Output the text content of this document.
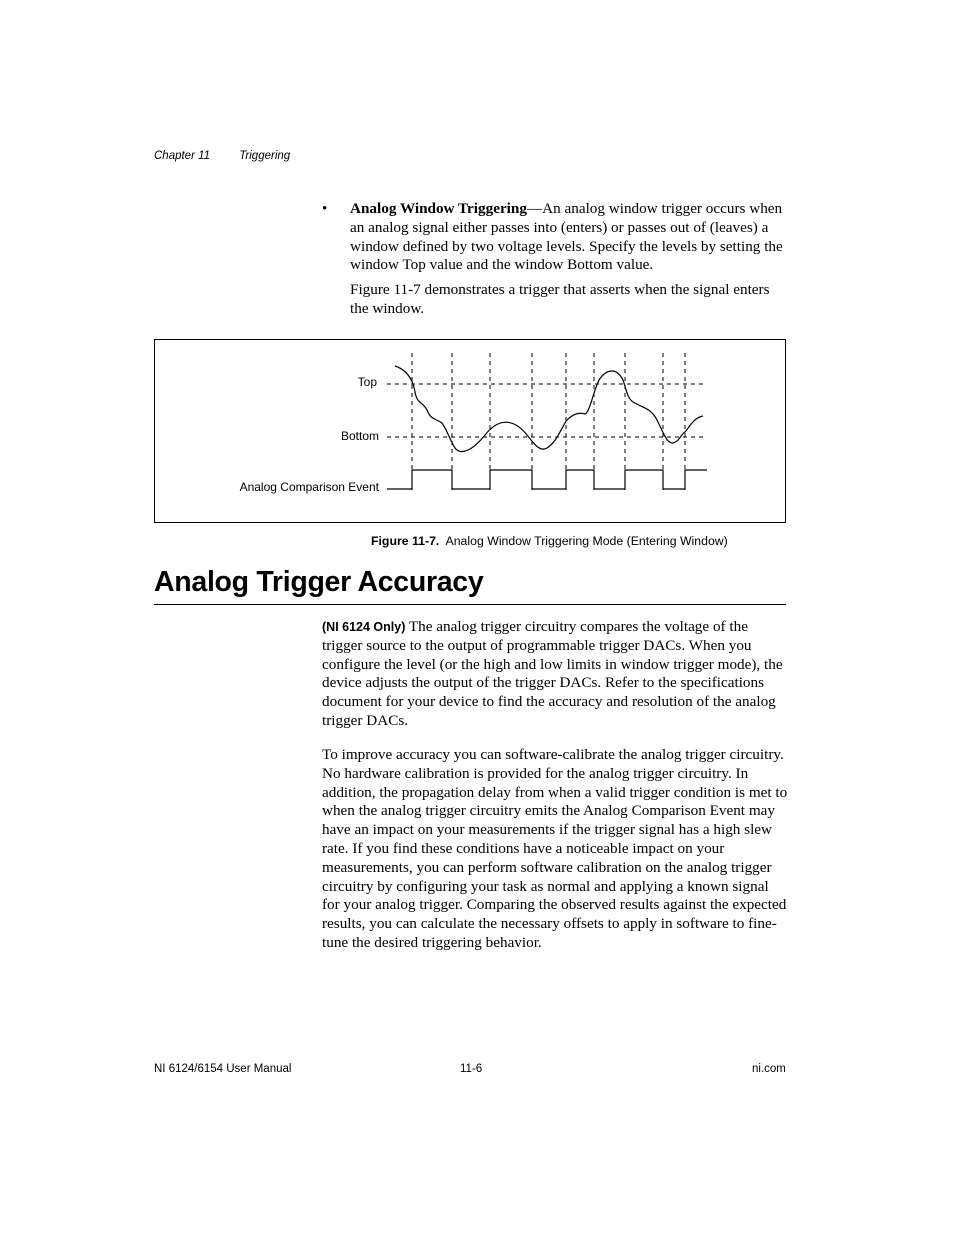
Chapter 11	Triggering
• Analog Window Triggering—An analog window trigger occurs when an analog signal either passes into (enters) or passes out of (leaves) a window defined by two voltage levels. Specify the levels by setting the window Top value and the window Bottom value.

Figure 11-7 demonstrates a trigger that asserts when the signal enters the window.

Top
Bottom
Analog Comparison Event
Figure 11-7. Analog Window Triggering Mode (Entering Window)
Analog Trigger Accuracy

(NI 6124 Only) The analog trigger circuitry compares the voltage of the trigger source to the output of programmable trigger DACs. When you configure the level (or the high and low limits in window trigger mode), the device adjusts the output of the trigger DACs. Refer to the specifications document for your device to find the accuracy and resolution of the analog trigger DACs.

To improve accuracy you can software-calibrate the analog trigger circuitry. No hardware calibration is provided for the analog trigger circuitry. In addition, the propagation delay from when a valid trigger condition is met to when the analog trigger circuitry emits the Analog Comparison Event may have an impact on your measurements if the trigger signal has a high slew rate. If you find these conditions have a noticeable impact on your measurements, you can perform software calibration on the analog trigger circuitry by configuring your task as normal and applying a known signal for your analog trigger. Comparing the observed results against the expected results, you can calculate the necessary offsets to apply in software to fine-tune the desired triggering behavior.

NI 6124/6154 User Manual	11-6	ni.com
